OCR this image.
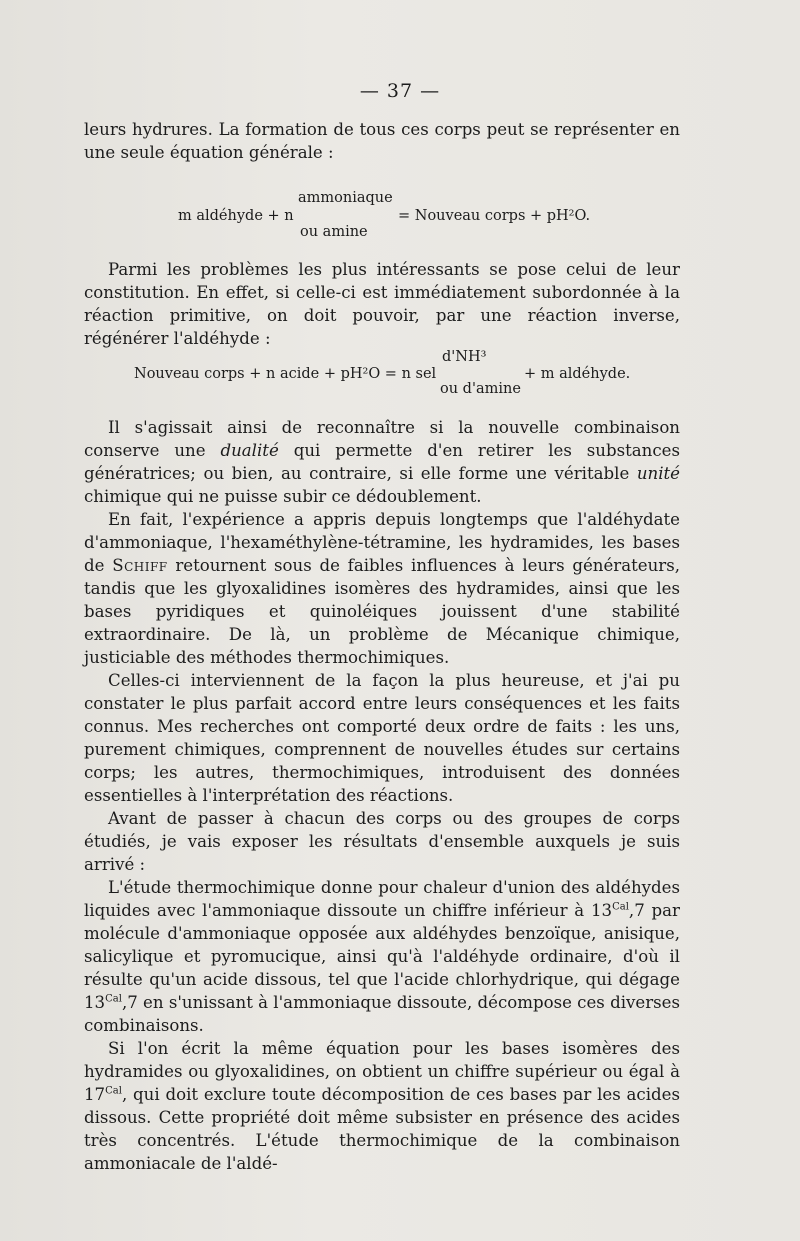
— 37 —

leurs hydrures. La formation de tous ces corps peut se représenter en une seule équation générale :

m aldéhyde + n
ammoniaque
ou amine
= Nouveau corps + pH²O.

Parmi les problèmes les plus intéressants se pose celui de leur constitution. En effet, si celle-ci est immédiatement subordonnée à la réaction primitive, on doit pouvoir, par une réaction inverse, régénérer l'aldéhyde :

d'NH³
Nouveau corps + n acide + pH²O = n sel
ou d'amine
+ m aldéhyde.

Il s'agissait ainsi de reconnaître si la nouvelle combinaison conserve une dualité qui permette d'en retirer les substances génératrices; ou bien, au contraire, si elle forme une véritable unité chimique qui ne puisse subir ce dédoublement.

En fait, l'expérience a appris depuis longtemps que l'aldéhydate d'ammoniaque, l'hexaméthylène-tétramine, les hydramides, les bases de Schiff retournent sous de faibles influences à leurs générateurs, tandis que les glyoxalidines isomères des hydramides, ainsi que les bases pyridiques et quinoléiques jouissent d'une stabilité extraordinaire. De là, un problème de Mécanique chimique, justiciable des méthodes thermochimiques.

Celles-ci interviennent de la façon la plus heureuse, et j'ai pu constater le plus parfait accord entre leurs conséquences et les faits connus. Mes recherches ont comporté deux ordre de faits : les uns, purement chimiques, comprennent de nouvelles études sur certains corps; les autres, thermochimiques, introduisent des données essentielles à l'interprétation des réactions.

Avant de passer à chacun des corps ou des groupes de corps étudiés, je vais exposer les résultats d'ensemble auxquels je suis arrivé :

L'étude thermochimique donne pour chaleur d'union des aldéhydes liquides avec l'ammoniaque dissoute un chiffre inférieur à $13^{Cal},7$ par molécule d'ammoniaque opposée aux aldéhydes benzoïque, anisique, salicylique et pyromucique, ainsi qu'à l'aldéhyde ordinaire, d'où il résulte qu'un acide dissous, tel que l'acide chlorhydrique, qui dégage $13^{Cal},7$ en s'unissant à l'ammoniaque dissoute, décompose ces diverses combinaisons.

Si l'on écrit la même équation pour les bases isomères des hydramides ou glyoxalidines, on obtient un chiffre supérieur ou égal à $17^{Cal}$, qui doit exclure toute décomposition de ces bases par les acides dissous. Cette propriété doit même subsister en présence des acides très concentrés. L'étude thermochimique de la combinaison ammoniacale de l'aldé-
